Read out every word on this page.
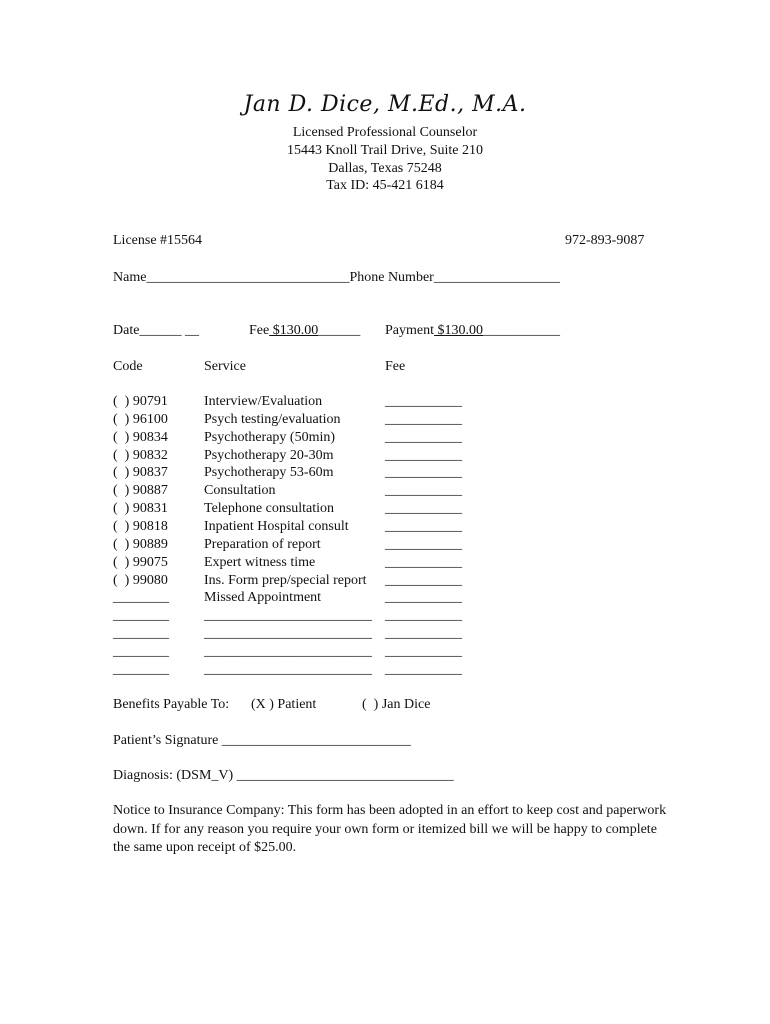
Jan D. Dice, M.Ed., M.A.
Licensed Professional Counselor
15443 Knoll Trail Drive, Suite 210
Dallas, Texas 75248
Tax ID: 45-421 6184
License #15564	972-893-9087
Name_____________________________Phone Number__________________
Date______ __	Fee $130.00______ Payment $130.00___________
Code	Service	Fee
(  ) 90791	Interview/Evaluation	___________
(  ) 96100	Psych testing/evaluation	___________
(  ) 90834	Psychotherapy (50min)	___________
(  ) 90832	Psychotherapy 20-30m	___________
(  ) 90837	Psychotherapy 53-60m	___________
(  ) 90887	Consultation	___________
(  ) 90831	Telephone consultation	___________
(  ) 90818	Inpatient Hospital consult	___________
(  ) 90889	Preparation of report	___________
(  ) 99075	Expert witness time	___________
(  ) 99080	Ins. Form prep/special report ___________
________	Missed Appointment	___________
________	________________________ ___________
________	________________________ ___________
________	________________________ ___________
________	________________________ ___________
Benefits Payable To: (X ) Patient	(  ) Jan Dice
Patient’s Signature ___________________________
Diagnosis: (DSM_V) _______________________________
Notice to Insurance Company: This form has been adopted in an effort to keep cost and paperwork down. If for any reason you require your own form or itemized bill we will be happy to complete the same upon receipt of $25.00.
